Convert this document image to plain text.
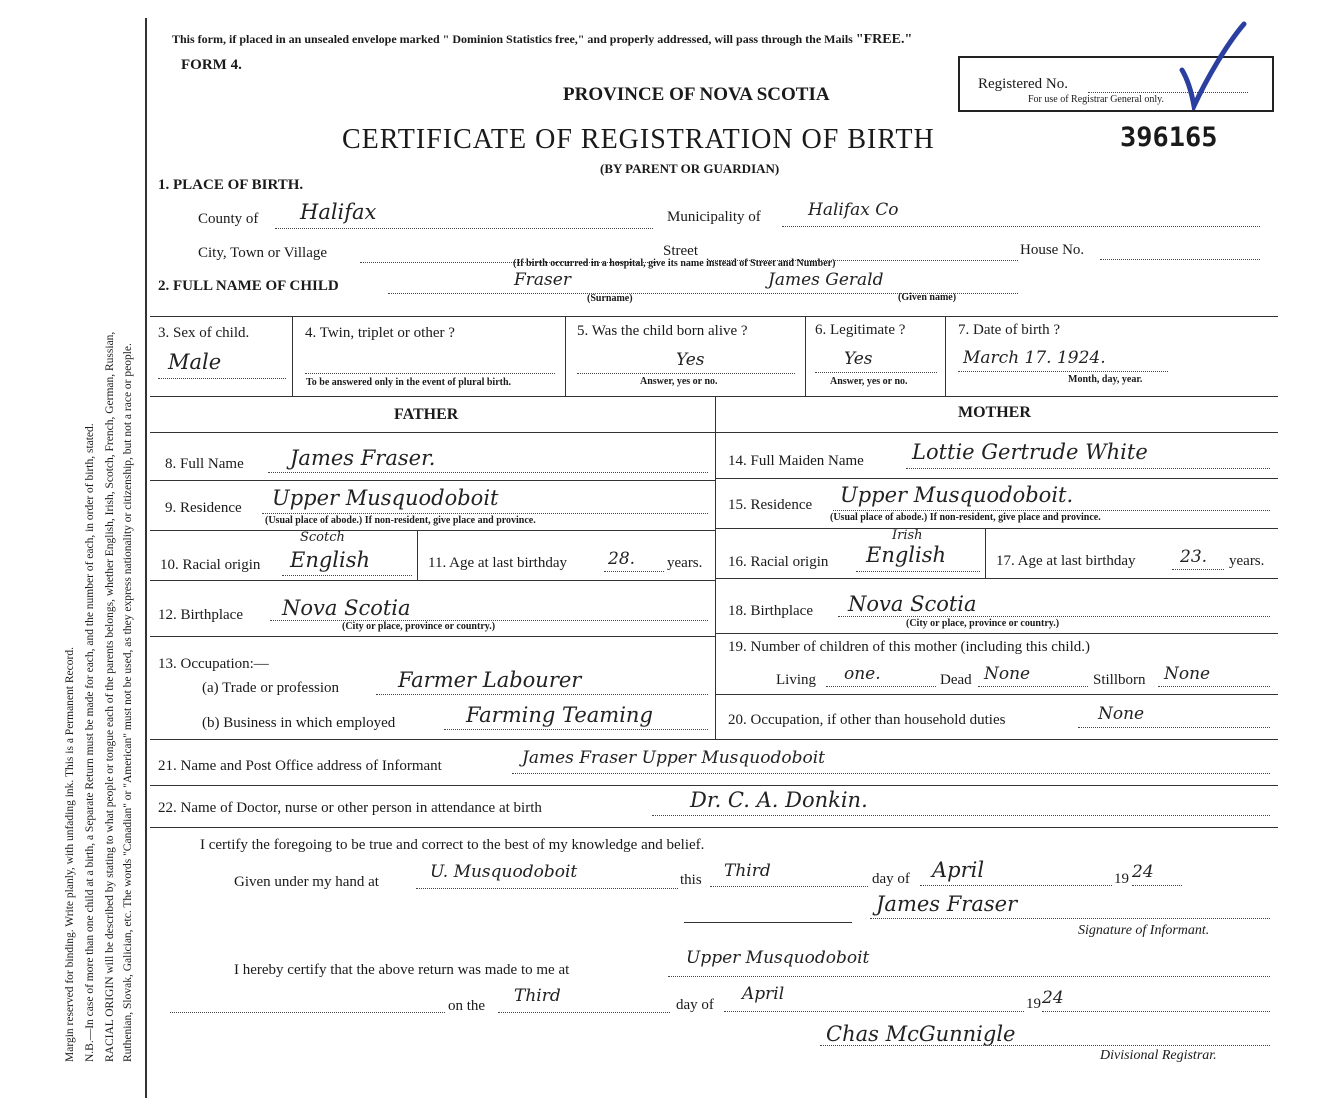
Margin reserved for binding. Write planly, with unfading ink. This is a Permanent Record. N.B.—In case of more than one child at a birth, a Separate Return must be made for each, and the number of each, in order of birth, stated. RACIAL ORIGIN will be described by stating to what people or tongue each of the parents belongs, whether English, Irish, Scotch, French, German, Russian, Ruthenian, Slovak, Galician, etc. The words "Canadian" or "American" must not be used, as they express nationality or citizenship, but not a race or people.
This form, if placed in an unsealed envelope marked " Dominion Statistics free," and properly addressed, will pass through the Mails "FREE."
FORM 4.
PROVINCE OF NOVA SCOTIA
CERTIFICATE OF REGISTRATION OF BIRTH
(BY PARENT OR GUARDIAN)
396165
Registered No.
For use of Registrar General only.
1. PLACE OF BIRTH.
County of Halifax	Municipality of	Halifax Co
City, Town or Village	Street	House No.
(If birth occurred in a hospital, give its name instead of Street and Number)
2. FULL NAME OF CHILD	Fraser	James Gerald
(Surname)	(Given name)
3. Sex of child.
Male
4. Twin, triplet or other ?
To be answered only in the event of plural birth.
5. Was the child born alive ?
Yes
Answer, yes or no.
6. Legitimate ?
Yes
Answer, yes or no.
7. Date of birth ?
March 17. 1924.
Month, day, year.
FATHER	MOTHER
8. Full Name James Fraser.
9. Residence Upper Musquodoboit
(Usual place of abode.) If non-resident, give place and province.
10. Racial origin English
Scotch
11. Age at last birthday 28. years.
12. Birthplace Nova Scotia
(City or place, province or country.)
13. Occupation:—
(a) Trade or profession	Farmer Labourer
(b) Business in which employed	Farming Teaming
14. Full Maiden Name Lottie Gertrude White
15. Residence Upper Musquodoboit.
(Usual place of abode.) If non-resident, give place and province.
16. Racial origin English
Irish
17. Age at last birthday	23. years.
18. Birthplace Nova Scotia
(City or place, province or country.)
19. Number of children of this mother (including this child.)
Living one.	Dead None	Stillborn None
20. Occupation, if other than household duties	None
21. Name and Post Office address of Informant	James Fraser Upper Musquodoboit
22. Name of Doctor, nurse or other person in attendance at birth	Dr. C. A. Donkin.
I certify the foregoing to be true and correct to the best of my knowledge and belief.
Given under my hand at	U. Musquodoboit	this Third	day of April	19 24
James Fraser
Signature of Informant.
I hereby certify that the above return was made to me at
Upper Musquodoboit
on the Third	day of
April	19 24
Chas McGunnigle
Divisional Registrar.
